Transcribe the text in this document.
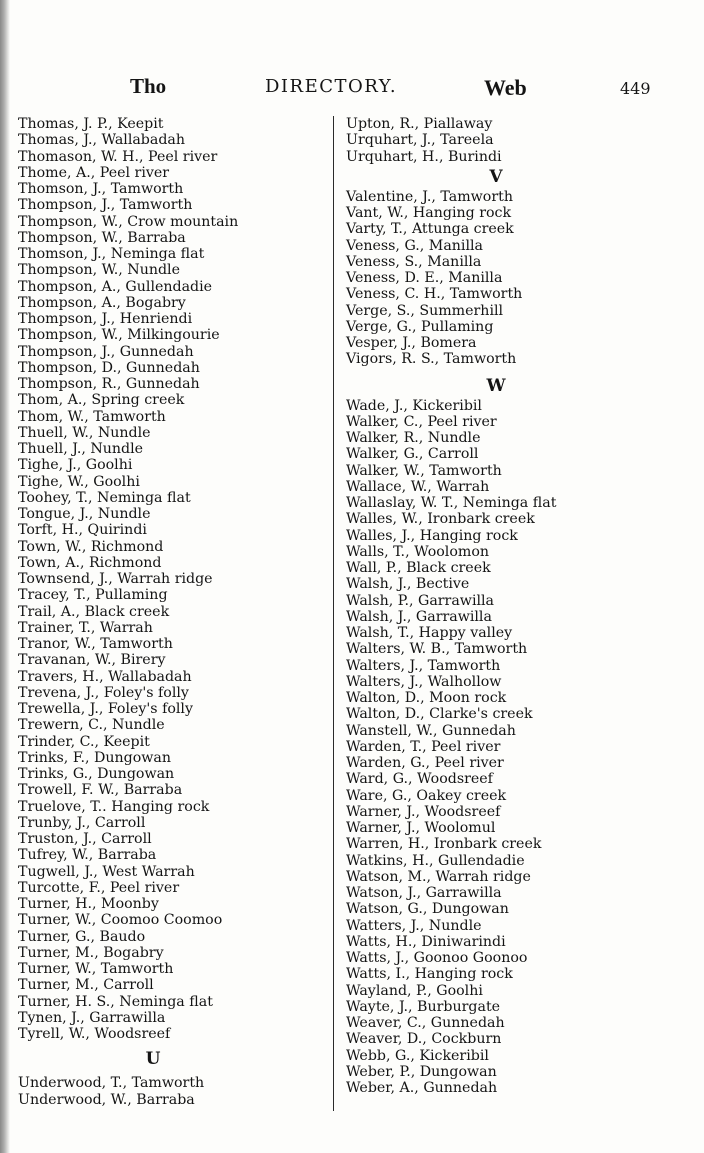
Tho	DIRECTORY.	Web	449
Thomas, J. P., Keepit
Thomas, J., Wallabadah
Thomason, W. H., Peel river
Thome, A., Peel river
Thomson, J., Tamworth
Thompson, J., Tamworth
Thompson, W., Crow mountain
Thompson, W., Barraba
Thomson, J., Neminga flat
Thompson, W., Nundle
Thompson, A., Gullendadie
Thompson, A., Bogabry
Thompson, J., Henriendi
Thompson, W., Milkingourie
Thompson, J., Gunnedah
Thompson, D., Gunnedah
Thompson, R., Gunnedah
Thom, A., Spring creek
Thom, W., Tamworth
Thuell, W., Nundle
Thuell, J., Nundle
Tighe, J., Goolhi
Tighe, W., Goolhi
Toohey, T., Neminga flat
Tongue, J., Nundle
Torft, H., Quirindi
Town, W., Richmond
Town, A., Richmond
Townsend, J., Warrah ridge
Tracey, T., Pullaming
Trail, A., Black creek
Trainer, T., Warrah
Tranor, W., Tamworth
Travanan, W., Birery
Travers, H., Wallabadah
Trevena, J., Foley's folly
Trewella, J., Foley's folly
Trewern, C., Nundle
Trinder, C., Keepit
Trinks, F., Dungowan
Trinks, G., Dungowan
Trowell, F. W., Barraba
Truelove, T.. Hanging rock
Trunby, J., Carroll
Truston, J., Carroll
Tufrey, W., Barraba
Tugwell, J., West Warrah
Turcotte, F., Peel river
Turner, H., Moonby
Turner, W., Coomoo Coomoo
Turner, G., Baudo
Turner, M., Bogabry
Turner, W., Tamworth
Turner, M., Carroll
Turner, H. S., Neminga flat
Tynen, J., Garrawilla
Tyrell, W., Woodsreef
U
Underwood, T., Tamworth
Underwood, W., Barraba
Upton, R., Piallaway
Urquhart, J., Tareela
Urquhart, H., Burindi
V
Valentine, J., Tamworth
Vant, W., Hanging rock
Varty, T., Attunga creek
Veness, G., Manilla
Veness, S., Manilla
Veness, D. E., Manilla
Veness, C. H., Tamworth
Verge, S., Summerhill
Verge, G., Pullaming
Vesper, J., Bomera
Vigors, R. S., Tamworth
W
Wade, J., Kickeribil
Walker, C., Peel river
Walker, R., Nundle
Walker, G., Carroll
Walker, W., Tamworth
Wallace, W., Warrah
Wallaslay, W. T., Neminga flat
Walles, W., Ironbark creek
Walles, J., Hanging rock
Walls, T., Woolomon
Wall, P., Black creek
Walsh, J., Bective
Walsh, P., Garrawilla
Walsh, J., Garrawilla
Walsh, T., Happy valley
Walters, W. B., Tamworth
Walters, J., Tamworth
Walters, J., Walhollow
Walton, D., Moon rock
Walton, D., Clarke's creek
Wanstell, W., Gunnedah
Warden, T., Peel river
Warden, G., Peel river
Ward, G., Woodsreef
Ware, G., Oakey creek
Warner, J., Woodsreef
Warner, J., Woolomul
Warren, H., Ironbark creek
Watkins, H., Gullendadie
Watson, M., Warrah ridge
Watson, J., Garrawilla
Watson, G., Dungowan
Watters, J., Nundle
Watts, H., Diniwarindi
Watts, J., Goonoo Goonoo
Watts, I., Hanging rock
Wayland, P., Goolhi
Wayte, J., Burburgate
Weaver, C., Gunnedah
Weaver, D., Cockburn
Webb, G., Kickeribil
Weber, P., Dungowan
Weber, A., Gunnedah
